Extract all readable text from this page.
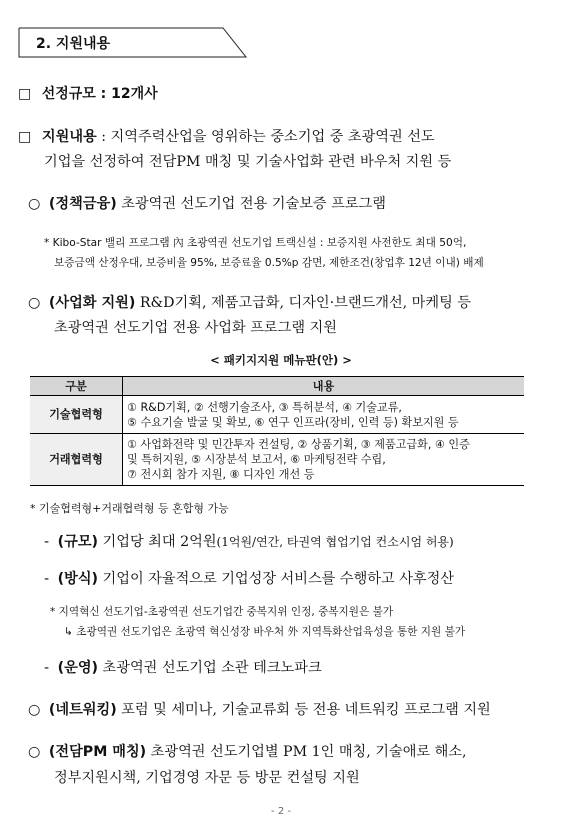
2. 지원내용
□ 선정규모 : 12개사
□ 지원내용 : 지역주력산업을 영위하는 중소기업 중 초광역권 선도
기업을 선정하여 전담PM 매칭 및 기술사업화 관련 바우처 지원 등
○ (정책금융) 초광역권 선도기업 전용 기술보증 프로그램
* Kibo-Star 밸리 프로그램 內 초광역권 선도기업 트랙신설 : 보증지원 사전한도 최대 50억,
보증금액 산정우대, 보증비율 95%, 보증료율 0.5%p 감면, 제한조건(창업후 12년 이내) 배제
○ (사업화 지원) R&D기획, 제품고급화, 디자인·브랜드개선, 마케팅 등
초광역권 선도기업 전용 사업화 프로그램 지원
< 패키지지원 메뉴판(안) >
구분	내용
기술협력형	① R&D기획, ② 선행기술조사, ③ 특허분석, ④ 기술교류,
⑤ 수요기술 발굴 및 확보, ⑥ 연구 인프라(장비, 인력 등) 확보지원 등

거래협력형	① 사업화전략 및 민간투자 컨설팅, ② 상품기획, ③ 제품고급화, ④ 인증
및 특허지원, ⑤ 시장분석 보고서, ⑥ 마케팅전략 수립,
⑦ 전시회 참가 지원, ⑧ 디자인 개선 등
* 기술협력형+거래협력형 등 혼합형 가능
- (규모) 기업당 최대 2억원(1억원/연간, 타권역 협업기업 컨소시엄 허용)
- (방식) 기업이 자율적으로 기업성장 서비스를 수행하고 사후정산
* 지역혁신 선도기업-초광역권 선도기업간 중복지위 인정, 중복지원은 불가
↳ 초광역권 선도기업은 초광역 혁신성장 바우처 外 지역특화산업육성을 통한 지원 불가
- (운영) 초광역권 선도기업 소관 테크노파크
○ (네트워킹) 포럼 및 세미나, 기술교류회 등 전용 네트워킹 프로그램 지원
○ (전담PM 매칭) 초광역권 선도기업별 PM 1인 매칭, 기술애로 해소,
정부지원시책, 기업경영 자문 등 방문 컨설팅 지원
- 2 -
